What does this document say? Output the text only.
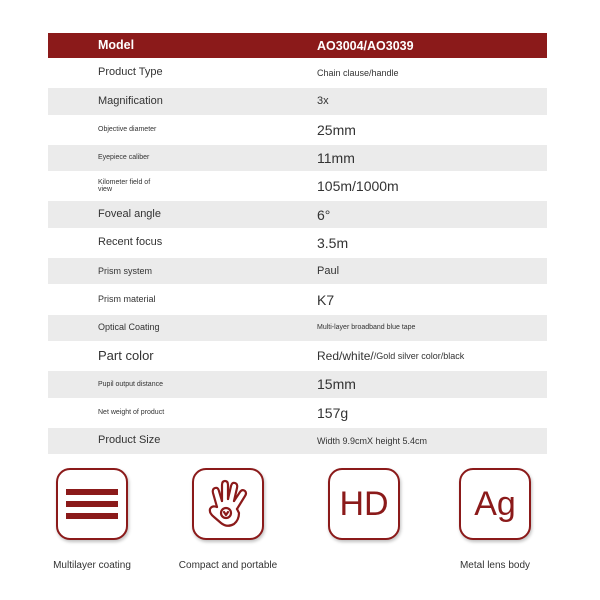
Model	AO3004/AO3039
Product Type	Chain clause/handle
Magnification	3x
Objective diameter	25mm
Eyepiece caliber	11mm
Kilometer field of view	105m/1000m
Foveal angle	6°
Recent focus	3.5m
Prism system	Paul
Prism material	K7
Optical Coating	Multi-layer broadband blue tape
Part color	Red/white/ /Gold silver color/black
Pupil output distance	15mm
Net weight of product	157g
Product Size	Width 9.9cmX height 5.4cm
Multilayer coating	Compact and portable
HD	Ag
Metal lens body
